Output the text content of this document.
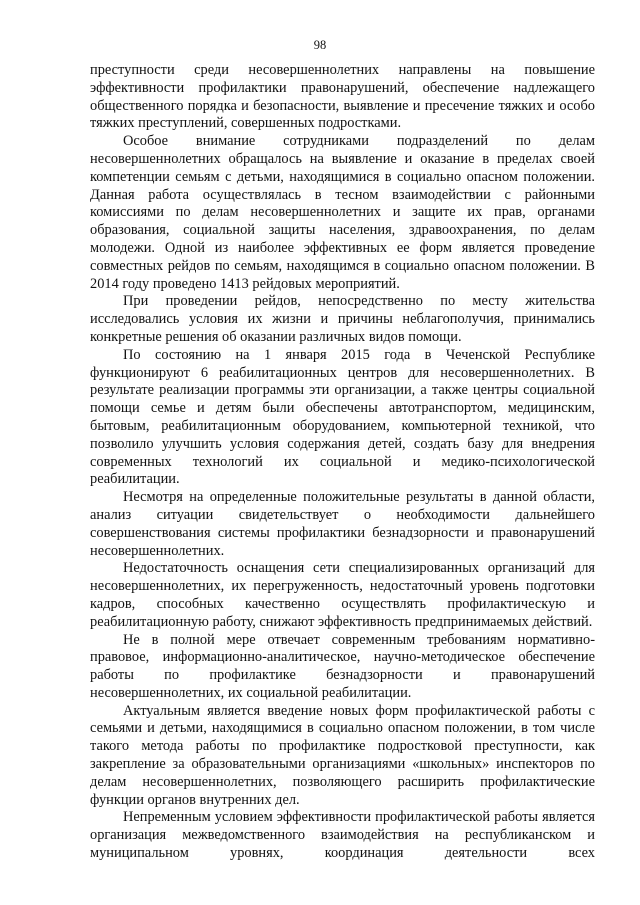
98

преступности среди несовершеннолетних направлены на повышение эффективности профилактики правонарушений, обеспечение надлежащего общественного порядка и безопасности, выявление и пресечение тяжких и особо тяжких преступлений, совершенных подростками.

Особое внимание сотрудниками подразделений по делам несовершеннолетних обращалось на выявление и оказание в пределах своей компетенции семьям с детьми, находящимися в социально опасном положении. Данная работа осуществлялась в тесном взаимодействии с районными комиссиями по делам несовершеннолетних и защите их прав, органами образования, социальной защиты населения, здравоохранения, по делам молодежи. Одной из наиболее эффективных ее форм является проведение совместных рейдов по семьям, находящимся в социально опасном положении. В 2014 году проведено 1413 рейдовых мероприятий.

При проведении рейдов, непосредственно по месту жительства исследовались условия их жизни и причины неблагополучия, принимались конкретные решения об оказании различных видов помощи.

По состоянию на 1 января 2015 года в Чеченской Республике функционируют 6 реабилитационных центров для несовершеннолетних. В результате реализации программы эти организации, а также центры социальной помощи семье и детям были обеспечены автотранспортом, медицинским, бытовым, реабилитационным оборудованием, компьютерной техникой, что позволило улучшить условия содержания детей, создать базу для внедрения современных технологий их социальной и медико-психологической реабилитации.

Несмотря на определенные положительные результаты в данной области, анализ ситуации свидетельствует о необходимости дальнейшего совершенствования системы профилактики безнадзорности и правонарушений несовершеннолетних.

Недостаточность оснащения сети специализированных организаций для несовершеннолетних, их перегруженность, недостаточный уровень подготовки кадров, способных качественно осуществлять профилактическую и реабилитационную работу, снижают эффективность предпринимаемых действий.

Не в полной мере отвечает современным требованиям нормативно-правовое, информационно-аналитическое, научно-методическое обеспечение работы по профилактике безнадзорности и правонарушений несовершеннолетних, их социальной реабилитации.

Актуальным является введение новых форм профилактической работы с семьями и детьми, находящимися в социально опасном положении, в том числе такого метода работы по профилактике подростковой преступности, как закрепление за образовательными организациями «школьных» инспекторов по делам несовершеннолетних, позволяющего расширить профилактические функции органов внутренних дел.

Непременным условием эффективности профилактической работы является организация межведомственного взаимодействия на республиканском и муниципальном уровнях, координация деятельности всех
